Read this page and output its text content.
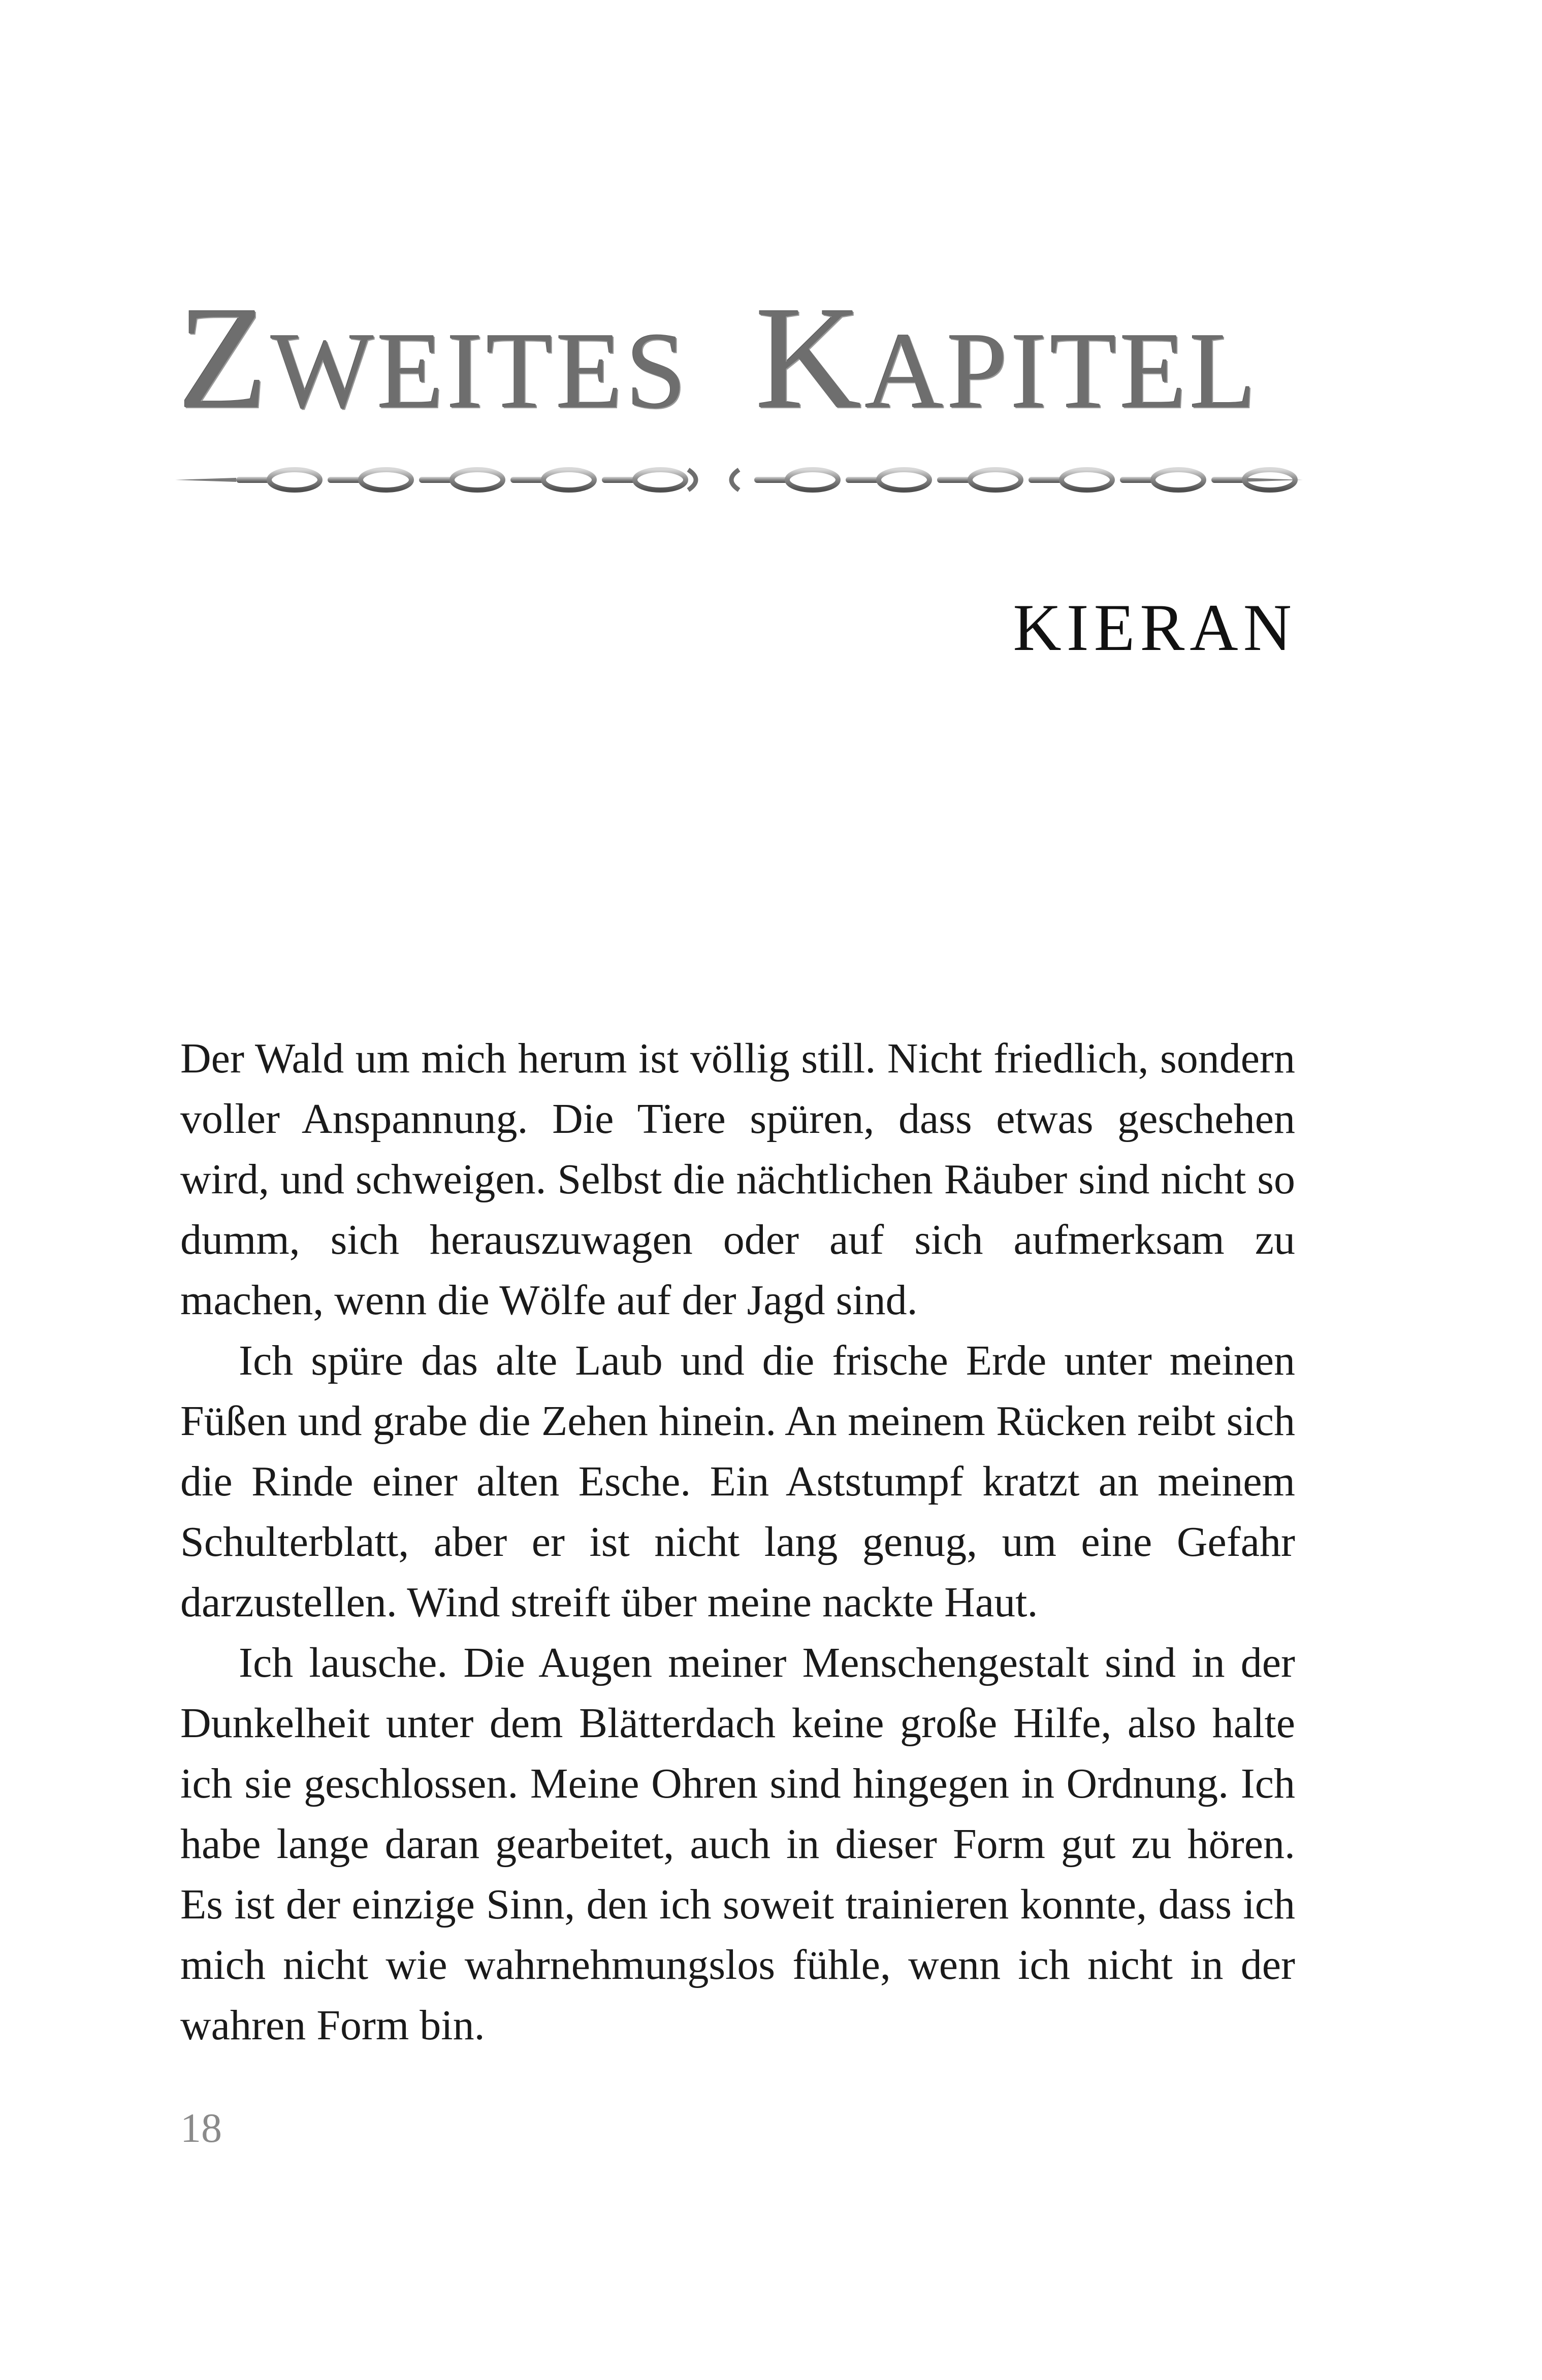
ZWEITES KAPITEL
KIERAN

Der Wald um mich herum ist völlig still. Nicht friedlich, sondern voller Anspannung. Die Tiere spüren, dass etwas geschehen wird, und schweigen. Selbst die nächtlichen Räuber sind nicht so dumm, sich herauszuwagen oder auf sich aufmerksam zu machen, wenn die Wölfe auf der Jagd sind.

Ich spüre das alte Laub und die frische Erde unter meinen Füßen und grabe die Zehen hinein. An meinem Rücken reibt sich die Rinde einer alten Esche. Ein Aststumpf kratzt an meinem Schulterblatt, aber er ist nicht lang genug, um eine Gefahr darzustellen. Wind streift über meine nackte Haut.

Ich lausche. Die Augen meiner Menschengestalt sind in der Dunkelheit unter dem Blätterdach keine große Hilfe, also halte ich sie geschlossen. Meine Ohren sind hingegen in Ordnung. Ich habe lange daran gearbeitet, auch in dieser Form gut zu hören. Es ist der einzige Sinn, den ich soweit trainieren konnte, dass ich mich nicht wie wahrnehmungslos fühle, wenn ich nicht in der wahren Form bin.

18
